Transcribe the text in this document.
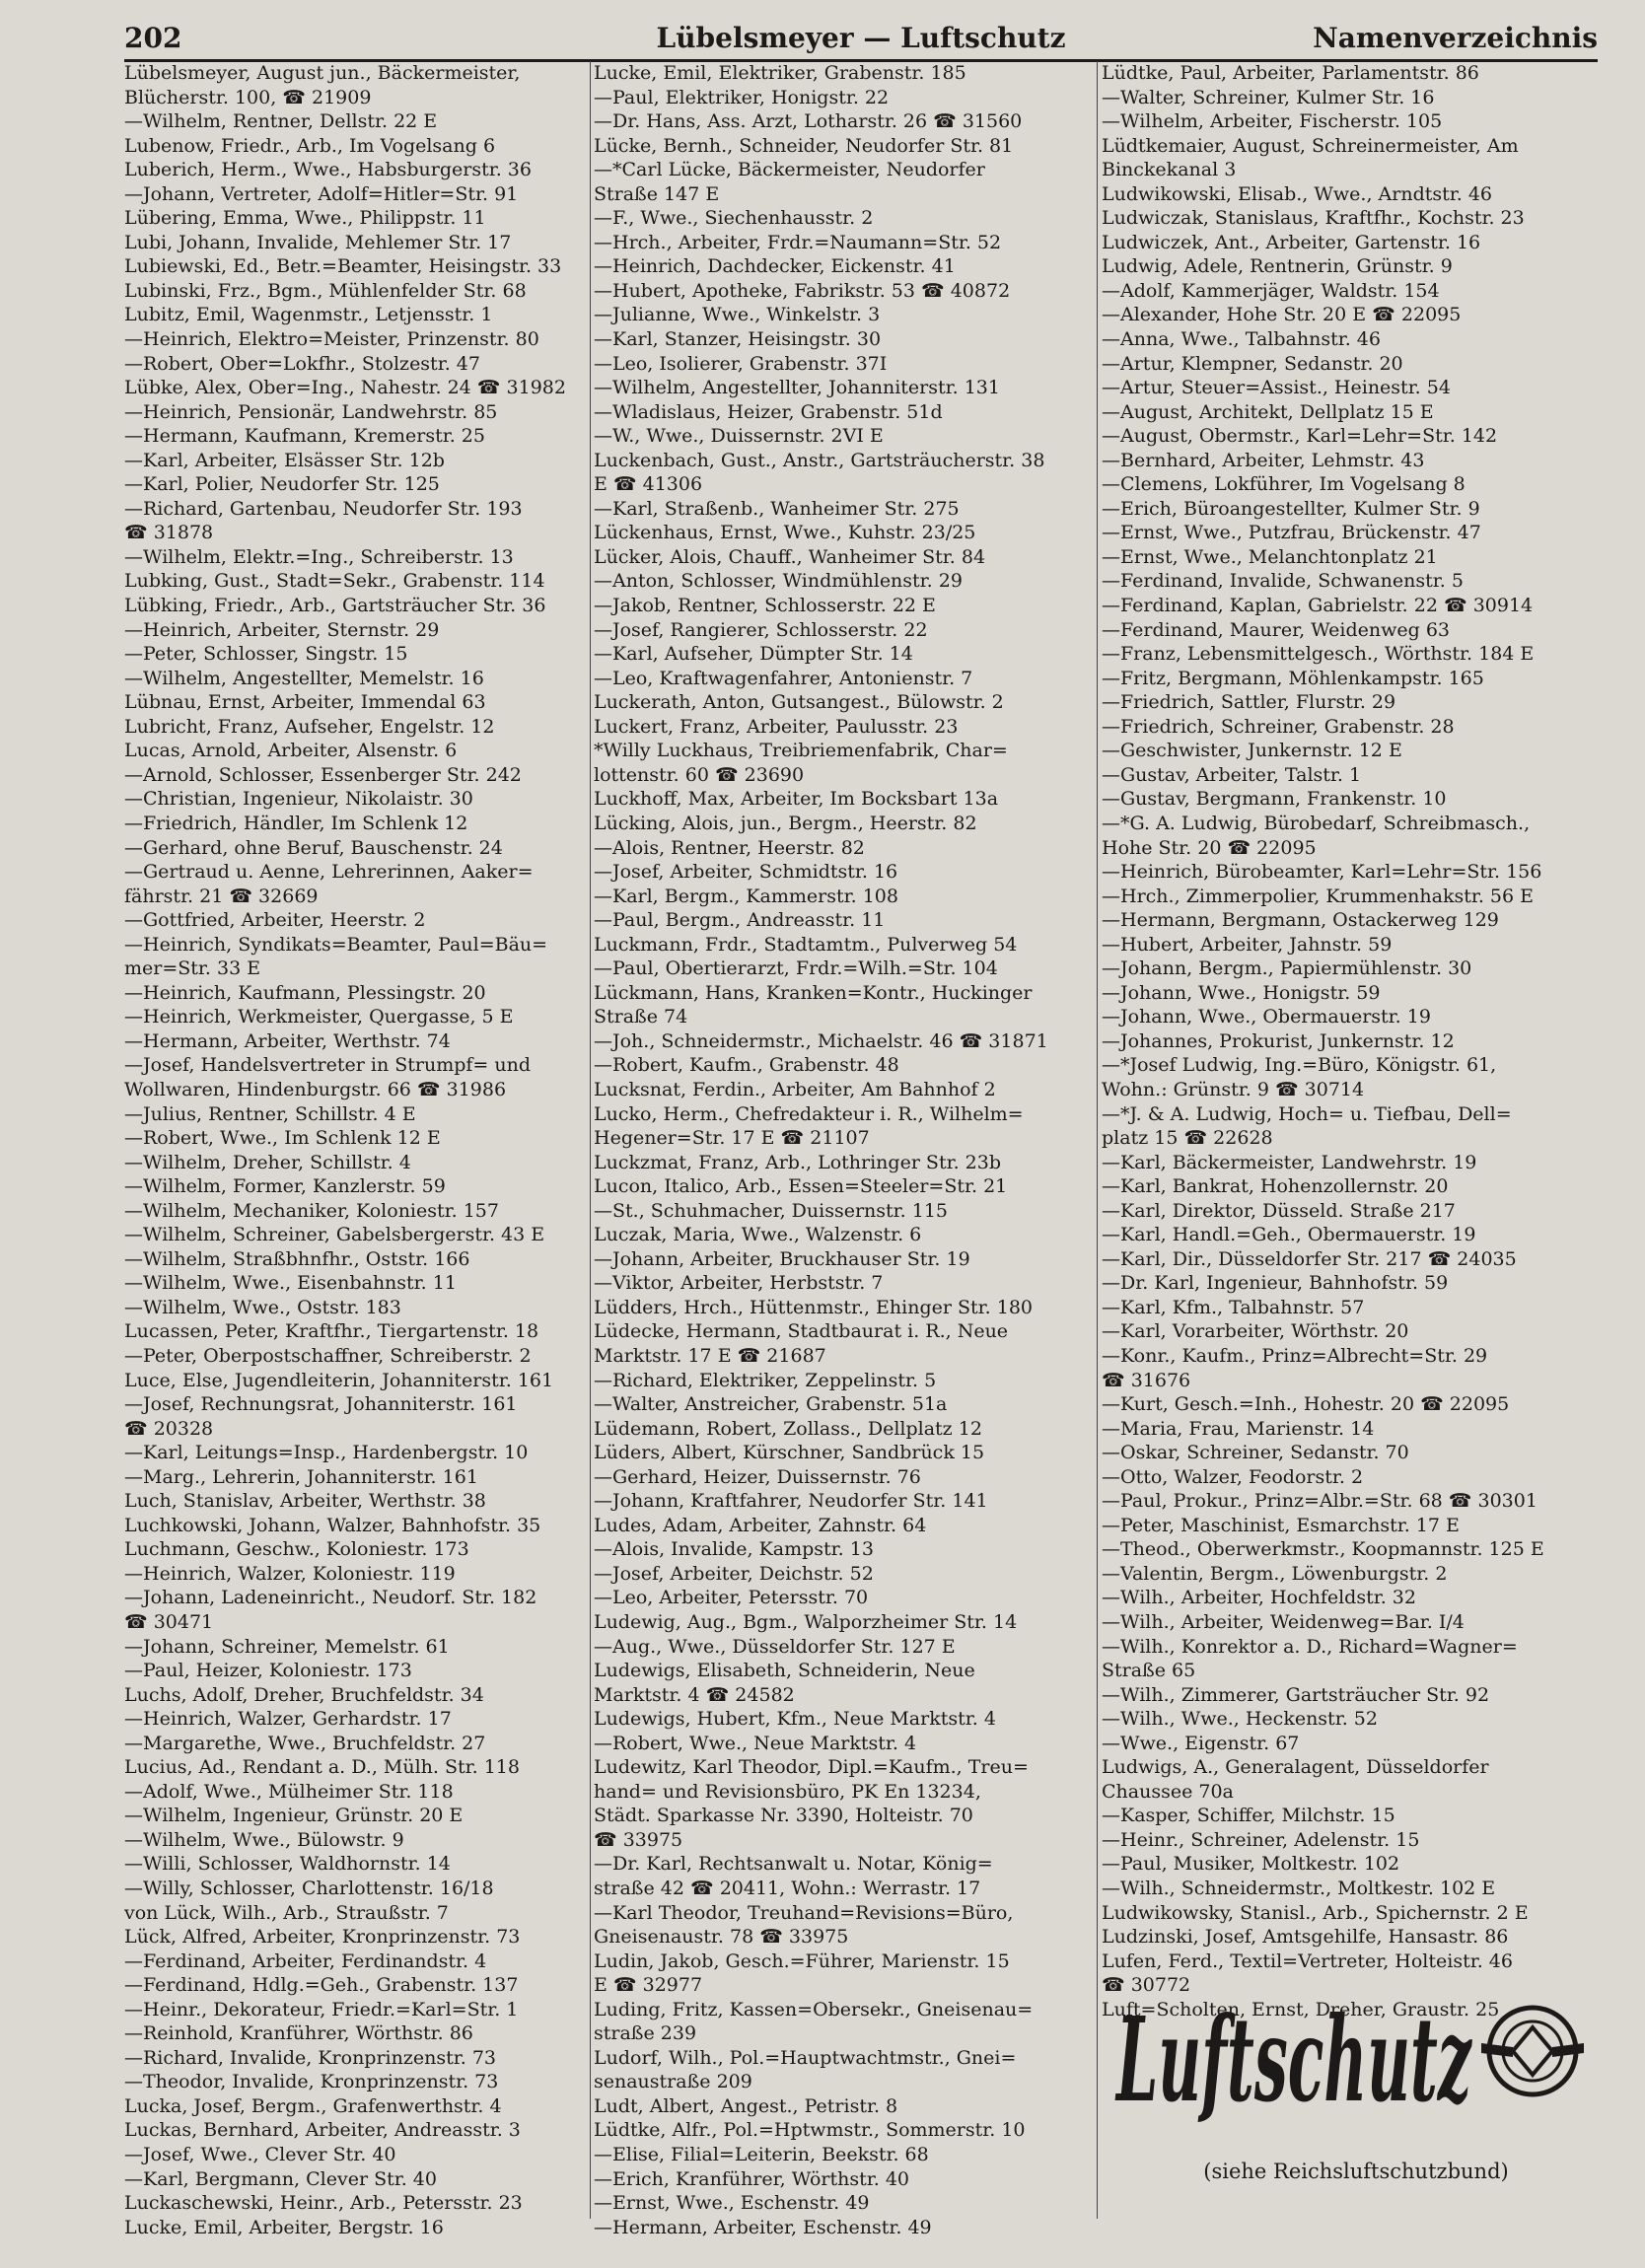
202	Lübelsmeyer — Luftschutz	Namenverzeichnis
Lübelsmeyer, August jun., Bäckermeister,
Blücherstr. 100, ☎ 21909
—Wilhelm, Rentner, Dellstr. 22 E
Lubenow, Friedr., Arb., Im Vogelsang 6
Luberich, Herm., Wwe., Habsburgerstr. 36
—Johann, Vertreter, Adolf=Hitler=Str. 91
Lübering, Emma, Wwe., Philippstr. 11
Lubi, Johann, Invalide, Mehlemer Str. 17
Lubiewski, Ed., Betr.=Beamter, Heisingstr. 33
Lubinski, Frz., Bgm., Mühlenfelder Str. 68
Lubitz, Emil, Wagenmstr., Letjensstr. 1
—Heinrich, Elektro=Meister, Prinzenstr. 80
—Robert, Ober=Lokfhr., Stolzestr. 47
Lübke, Alex, Ober=Ing., Nahestr. 24 ☎ 31982
—Heinrich, Pensionär, Landwehrstr. 85
—Hermann, Kaufmann, Kremerstr. 25
—Karl, Arbeiter, Elsässer Str. 12b
—Karl, Polier, Neudorfer Str. 125
—Richard, Gartenbau, Neudorfer Str. 193
☎ 31878
—Wilhelm, Elektr.=Ing., Schreiberstr. 13
Lubking, Gust., Stadt=Sekr., Grabenstr. 114
Lübking, Friedr., Arb., Gartsträucher Str. 36
—Heinrich, Arbeiter, Sternstr. 29
—Peter, Schlosser, Singstr. 15
—Wilhelm, Angestellter, Memelstr. 16
Lübnau, Ernst, Arbeiter, Immendal 63
Lubricht, Franz, Aufseher, Engelstr. 12
Lucas, Arnold, Arbeiter, Alsenstr. 6
—Arnold, Schlosser, Essenberger Str. 242
—Christian, Ingenieur, Nikolaistr. 30
—Friedrich, Händler, Im Schlenk 12
—Gerhard, ohne Beruf, Bauschenstr. 24
—Gertraud u. Aenne, Lehrerinnen, Aaker=
fährstr. 21 ☎ 32669
—Gottfried, Arbeiter, Heerstr. 2
—Heinrich, Syndikats=Beamter, Paul=Bäu=
mer=Str. 33 E
—Heinrich, Kaufmann, Plessingstr. 20
—Heinrich, Werkmeister, Quergasse, 5 E
—Hermann, Arbeiter, Werthstr. 74
—Josef, Handelsvertreter in Strumpf= und
Wollwaren, Hindenburgstr. 66 ☎ 31986
—Julius, Rentner, Schillstr. 4 E
—Robert, Wwe., Im Schlenk 12 E
—Wilhelm, Dreher, Schillstr. 4
—Wilhelm, Former, Kanzlerstr. 59
—Wilhelm, Mechaniker, Koloniestr. 157
—Wilhelm, Schreiner, Gabelsbergerstr. 43 E
—Wilhelm, Straßbhnfhr., Oststr. 166
—Wilhelm, Wwe., Eisenbahnstr. 11
—Wilhelm, Wwe., Oststr. 183
Lucassen, Peter, Kraftfhr., Tiergartenstr. 18
—Peter, Oberpostschaffner, Schreiberstr. 2
Luce, Else, Jugendleiterin, Johanniterstr. 161
—Josef, Rechnungsrat, Johanniterstr. 161
☎ 20328
—Karl, Leitungs=Insp., Hardenbergstr. 10
—Marg., Lehrerin, Johanniterstr. 161
Luch, Stanislav, Arbeiter, Werthstr. 38
Luchkowski, Johann, Walzer, Bahnhofstr. 35
Luchmann, Geschw., Koloniestr. 173
—Heinrich, Walzer, Koloniestr. 119
—Johann, Ladeneinricht., Neudorf. Str. 182
☎ 30471
—Johann, Schreiner, Memelstr. 61
—Paul, Heizer, Koloniestr. 173
Luchs, Adolf, Dreher, Bruchfeldstr. 34
—Heinrich, Walzer, Gerhardstr. 17
—Margarethe, Wwe., Bruchfeldstr. 27
Lucius, Ad., Rendant a. D., Mülh. Str. 118
—Adolf, Wwe., Mülheimer Str. 118
—Wilhelm, Ingenieur, Grünstr. 20 E
—Wilhelm, Wwe., Bülowstr. 9
—Willi, Schlosser, Waldhornstr. 14
—Willy, Schlosser, Charlottenstr. 16/18
von Lück, Wilh., Arb., Straußstr. 7
Lück, Alfred, Arbeiter, Kronprinzenstr. 73
—Ferdinand, Arbeiter, Ferdinandstr. 4
—Ferdinand, Hdlg.=Geh., Grabenstr. 137
—Heinr., Dekorateur, Friedr.=Karl=Str. 1
—Reinhold, Kranführer, Wörthstr. 86
—Richard, Invalide, Kronprinzenstr. 73
—Theodor, Invalide, Kronprinzenstr. 73
Lucka, Josef, Bergm., Grafenwerthstr. 4
Luckas, Bernhard, Arbeiter, Andreasstr. 3
—Josef, Wwe., Clever Str. 40
—Karl, Bergmann, Clever Str. 40
Luckaschewski, Heinr., Arb., Petersstr. 23
Lucke, Emil, Arbeiter, Bergstr. 16
Lucke, Emil, Elektriker, Grabenstr. 185
—Paul, Elektriker, Honigstr. 22
—Dr. Hans, Ass. Arzt, Lotharstr. 26 ☎ 31560
Lücke, Bernh., Schneider, Neudorfer Str. 81
—*Carl Lücke, Bäckermeister, Neudorfer
Straße 147 E
—F., Wwe., Siechenhausstr. 2
—Hrch., Arbeiter, Frdr.=Naumann=Str. 52
—Heinrich, Dachdecker, Eickenstr. 41
—Hubert, Apotheke, Fabrikstr. 53 ☎ 40872
—Julianne, Wwe., Winkelstr. 3
—Karl, Stanzer, Heisingstr. 30
—Leo, Isolierer, Grabenstr. 37I
—Wilhelm, Angestellter, Johanniterstr. 131
—Wladislaus, Heizer, Grabenstr. 51d
—W., Wwe., Duissernstr. 2VI E
Luckenbach, Gust., Anstr., Gartsträucherstr. 38
E ☎ 41306
—Karl, Straßenb., Wanheimer Str. 275
Lückenhaus, Ernst, Wwe., Kuhstr. 23/25
Lücker, Alois, Chauff., Wanheimer Str. 84
—Anton, Schlosser, Windmühlenstr. 29
—Jakob, Rentner, Schlosserstr. 22 E
—Josef, Rangierer, Schlosserstr. 22
—Karl, Aufseher, Dümpter Str. 14
—Leo, Kraftwagenfahrer, Antonienstr. 7
Luckerath, Anton, Gutsangest., Bülowstr. 2
Luckert, Franz, Arbeiter, Paulusstr. 23
*Willy Luckhaus, Treibriemenfabrik, Char=
lottenstr. 60 ☎ 23690
Luckhoff, Max, Arbeiter, Im Bocksbart 13a
Lücking, Alois, jun., Bergm., Heerstr. 82
—Alois, Rentner, Heerstr. 82
—Josef, Arbeiter, Schmidtstr. 16
—Karl, Bergm., Kammerstr. 108
—Paul, Bergm., Andreasstr. 11
Luckmann, Frdr., Stadtamtm., Pulverweg 54
—Paul, Obertierarzt, Frdr.=Wilh.=Str. 104
Lückmann, Hans, Kranken=Kontr., Huckinger
Straße 74
—Joh., Schneidermstr., Michaelstr. 46 ☎ 31871
—Robert, Kaufm., Grabenstr. 48
Lucksnat, Ferdin., Arbeiter, Am Bahnhof 2
Lucko, Herm., Chefredakteur i. R., Wilhelm=
Hegener=Str. 17 E ☎ 21107
Luckzmat, Franz, Arb., Lothringer Str. 23b
Lucon, Italico, Arb., Essen=Steeler=Str. 21
—St., Schuhmacher, Duissernstr. 115
Luczak, Maria, Wwe., Walzenstr. 6
—Johann, Arbeiter, Bruckhauser Str. 19
—Viktor, Arbeiter, Herbststr. 7
Lüdders, Hrch., Hüttenmstr., Ehinger Str. 180
Lüdecke, Hermann, Stadtbaurat i. R., Neue
Marktstr. 17 E ☎ 21687
—Richard, Elektriker, Zeppelinstr. 5
—Walter, Anstreicher, Grabenstr. 51a
Lüdemann, Robert, Zollass., Dellplatz 12
Lüders, Albert, Kürschner, Sandbrück 15
—Gerhard, Heizer, Duissernstr. 76
—Johann, Kraftfahrer, Neudorfer Str. 141
Ludes, Adam, Arbeiter, Zahnstr. 64
—Alois, Invalide, Kampstr. 13
—Josef, Arbeiter, Deichstr. 52
—Leo, Arbeiter, Petersstr. 70
Ludewig, Aug., Bgm., Walporzheimer Str. 14
—Aug., Wwe., Düsseldorfer Str. 127 E
Ludewigs, Elisabeth, Schneiderin, Neue
Marktstr. 4 ☎ 24582
Ludewigs, Hubert, Kfm., Neue Marktstr. 4
—Robert, Wwe., Neue Marktstr. 4
Ludewitz, Karl Theodor, Dipl.=Kaufm., Treu=
hand= und Revisionsbüro, PK En 13234,
Städt. Sparkasse Nr. 3390, Holteistr. 70
☎ 33975
—Dr. Karl, Rechtsanwalt u. Notar, König=
straße 42 ☎ 20411, Wohn.: Werrastr. 17
—Karl Theodor, Treuhand=Revisions=Büro,
Gneisenaustr. 78 ☎ 33975
Ludin, Jakob, Gesch.=Führer, Marienstr. 15
E ☎ 32977
Luding, Fritz, Kassen=Obersekr., Gneisenau=
straße 239
Ludorf, Wilh., Pol.=Hauptwachtmstr., Gnei=
senaustraße 209
Ludt, Albert, Angest., Petristr. 8
Lüdtke, Alfr., Pol.=Hptwmstr., Sommerstr. 10
—Elise, Filial=Leiterin, Beekstr. 68
—Erich, Kranführer, Wörthstr. 40
—Ernst, Wwe., Eschenstr. 49
—Hermann, Arbeiter, Eschenstr. 49
Lüdtke, Paul, Arbeiter, Parlamentstr. 86
—Walter, Schreiner, Kulmer Str. 16
—Wilhelm, Arbeiter, Fischerstr. 105
Lüdtkemaier, August, Schreinermeister, Am
Binckekanal 3
Ludwikowski, Elisab., Wwe., Arndtstr. 46
Ludwiczak, Stanislaus, Kraftfhr., Kochstr. 23
Ludwiczek, Ant., Arbeiter, Gartenstr. 16
Ludwig, Adele, Rentnerin, Grünstr. 9
—Adolf, Kammerjäger, Waldstr. 154
—Alexander, Hohe Str. 20 E ☎ 22095
—Anna, Wwe., Talbahnstr. 46
—Artur, Klempner, Sedanstr. 20
—Artur, Steuer=Assist., Heinestr. 54
—August, Architekt, Dellplatz 15 E
—August, Obermstr., Karl=Lehr=Str. 142
—Bernhard, Arbeiter, Lehmstr. 43
—Clemens, Lokführer, Im Vogelsang 8
—Erich, Büroangestellter, Kulmer Str. 9
—Ernst, Wwe., Putzfrau, Brückenstr. 47
—Ernst, Wwe., Melanchtonplatz 21
—Ferdinand, Invalide, Schwanenstr. 5
—Ferdinand, Kaplan, Gabrielstr. 22 ☎ 30914
—Ferdinand, Maurer, Weidenweg 63
—Franz, Lebensmittelgesch., Wörthstr. 184 E
—Fritz, Bergmann, Möhlenkampstr. 165
—Friedrich, Sattler, Flurstr. 29
—Friedrich, Schreiner, Grabenstr. 28
—Geschwister, Junkernstr. 12 E
—Gustav, Arbeiter, Talstr. 1
—Gustav, Bergmann, Frankenstr. 10
—*G. A. Ludwig, Bürobedarf, Schreibmasch.,
Hohe Str. 20 ☎ 22095
—Heinrich, Bürobeamter, Karl=Lehr=Str. 156
—Hrch., Zimmerpolier, Krummenhakstr. 56 E
—Hermann, Bergmann, Ostackerweg 129
—Hubert, Arbeiter, Jahnstr. 59
—Johann, Bergm., Papiermühlenstr. 30
—Johann, Wwe., Honigstr. 59
—Johann, Wwe., Obermauerstr. 19
—Johannes, Prokurist, Junkernstr. 12
—*Josef Ludwig, Ing.=Büro, Königstr. 61,
Wohn.: Grünstr. 9 ☎ 30714
—*J. & A. Ludwig, Hoch= u. Tiefbau, Dell=
platz 15 ☎ 22628
—Karl, Bäckermeister, Landwehrstr. 19
—Karl, Bankrat, Hohenzollernstr. 20
—Karl, Direktor, Düsseld. Straße 217
—Karl, Handl.=Geh., Obermauerstr. 19
—Karl, Dir., Düsseldorfer Str. 217 ☎ 24035
—Dr. Karl, Ingenieur, Bahnhofstr. 59
—Karl, Kfm., Talbahnstr. 57
—Karl, Vorarbeiter, Wörthstr. 20
—Konr., Kaufm., Prinz=Albrecht=Str. 29
☎ 31676
—Kurt, Gesch.=Inh., Hohestr. 20 ☎ 22095
—Maria, Frau, Marienstr. 14
—Oskar, Schreiner, Sedanstr. 70
—Otto, Walzer, Feodorstr. 2
—Paul, Prokur., Prinz=Albr.=Str. 68 ☎ 30301
—Peter, Maschinist, Esmarchstr. 17 E
—Theod., Oberwerkmstr., Koopmannstr. 125 E
—Valentin, Bergm., Löwenburgstr. 2
—Wilh., Arbeiter, Hochfeldstr. 32
—Wilh., Arbeiter, Weidenweg=Bar. I/4
—Wilh., Konrektor a. D., Richard=Wagner=
Straße 65
—Wilh., Zimmerer, Gartsträucher Str. 92
—Wilh., Wwe., Heckenstr. 52
—Wwe., Eigenstr. 67
Ludwigs, A., Generalagent, Düsseldorfer
Chaussee 70a
—Kasper, Schiffer, Milchstr. 15
—Heinr., Schreiner, Adelenstr. 15
—Paul, Musiker, Moltkestr. 102
—Wilh., Schneidermstr., Moltkestr. 102 E
Ludwikowsky, Stanisl., Arb., Spichernstr. 2 E
Ludzinski, Josef, Amtsgehilfe, Hansastr. 86
Lufen, Ferd., Textil=Vertreter, Holteistr. 46
☎ 30772
Luft=Scholten, Ernst, Dreher, Graustr. 25
Luftschutz
(siehe Reichsluftschutzbund)
